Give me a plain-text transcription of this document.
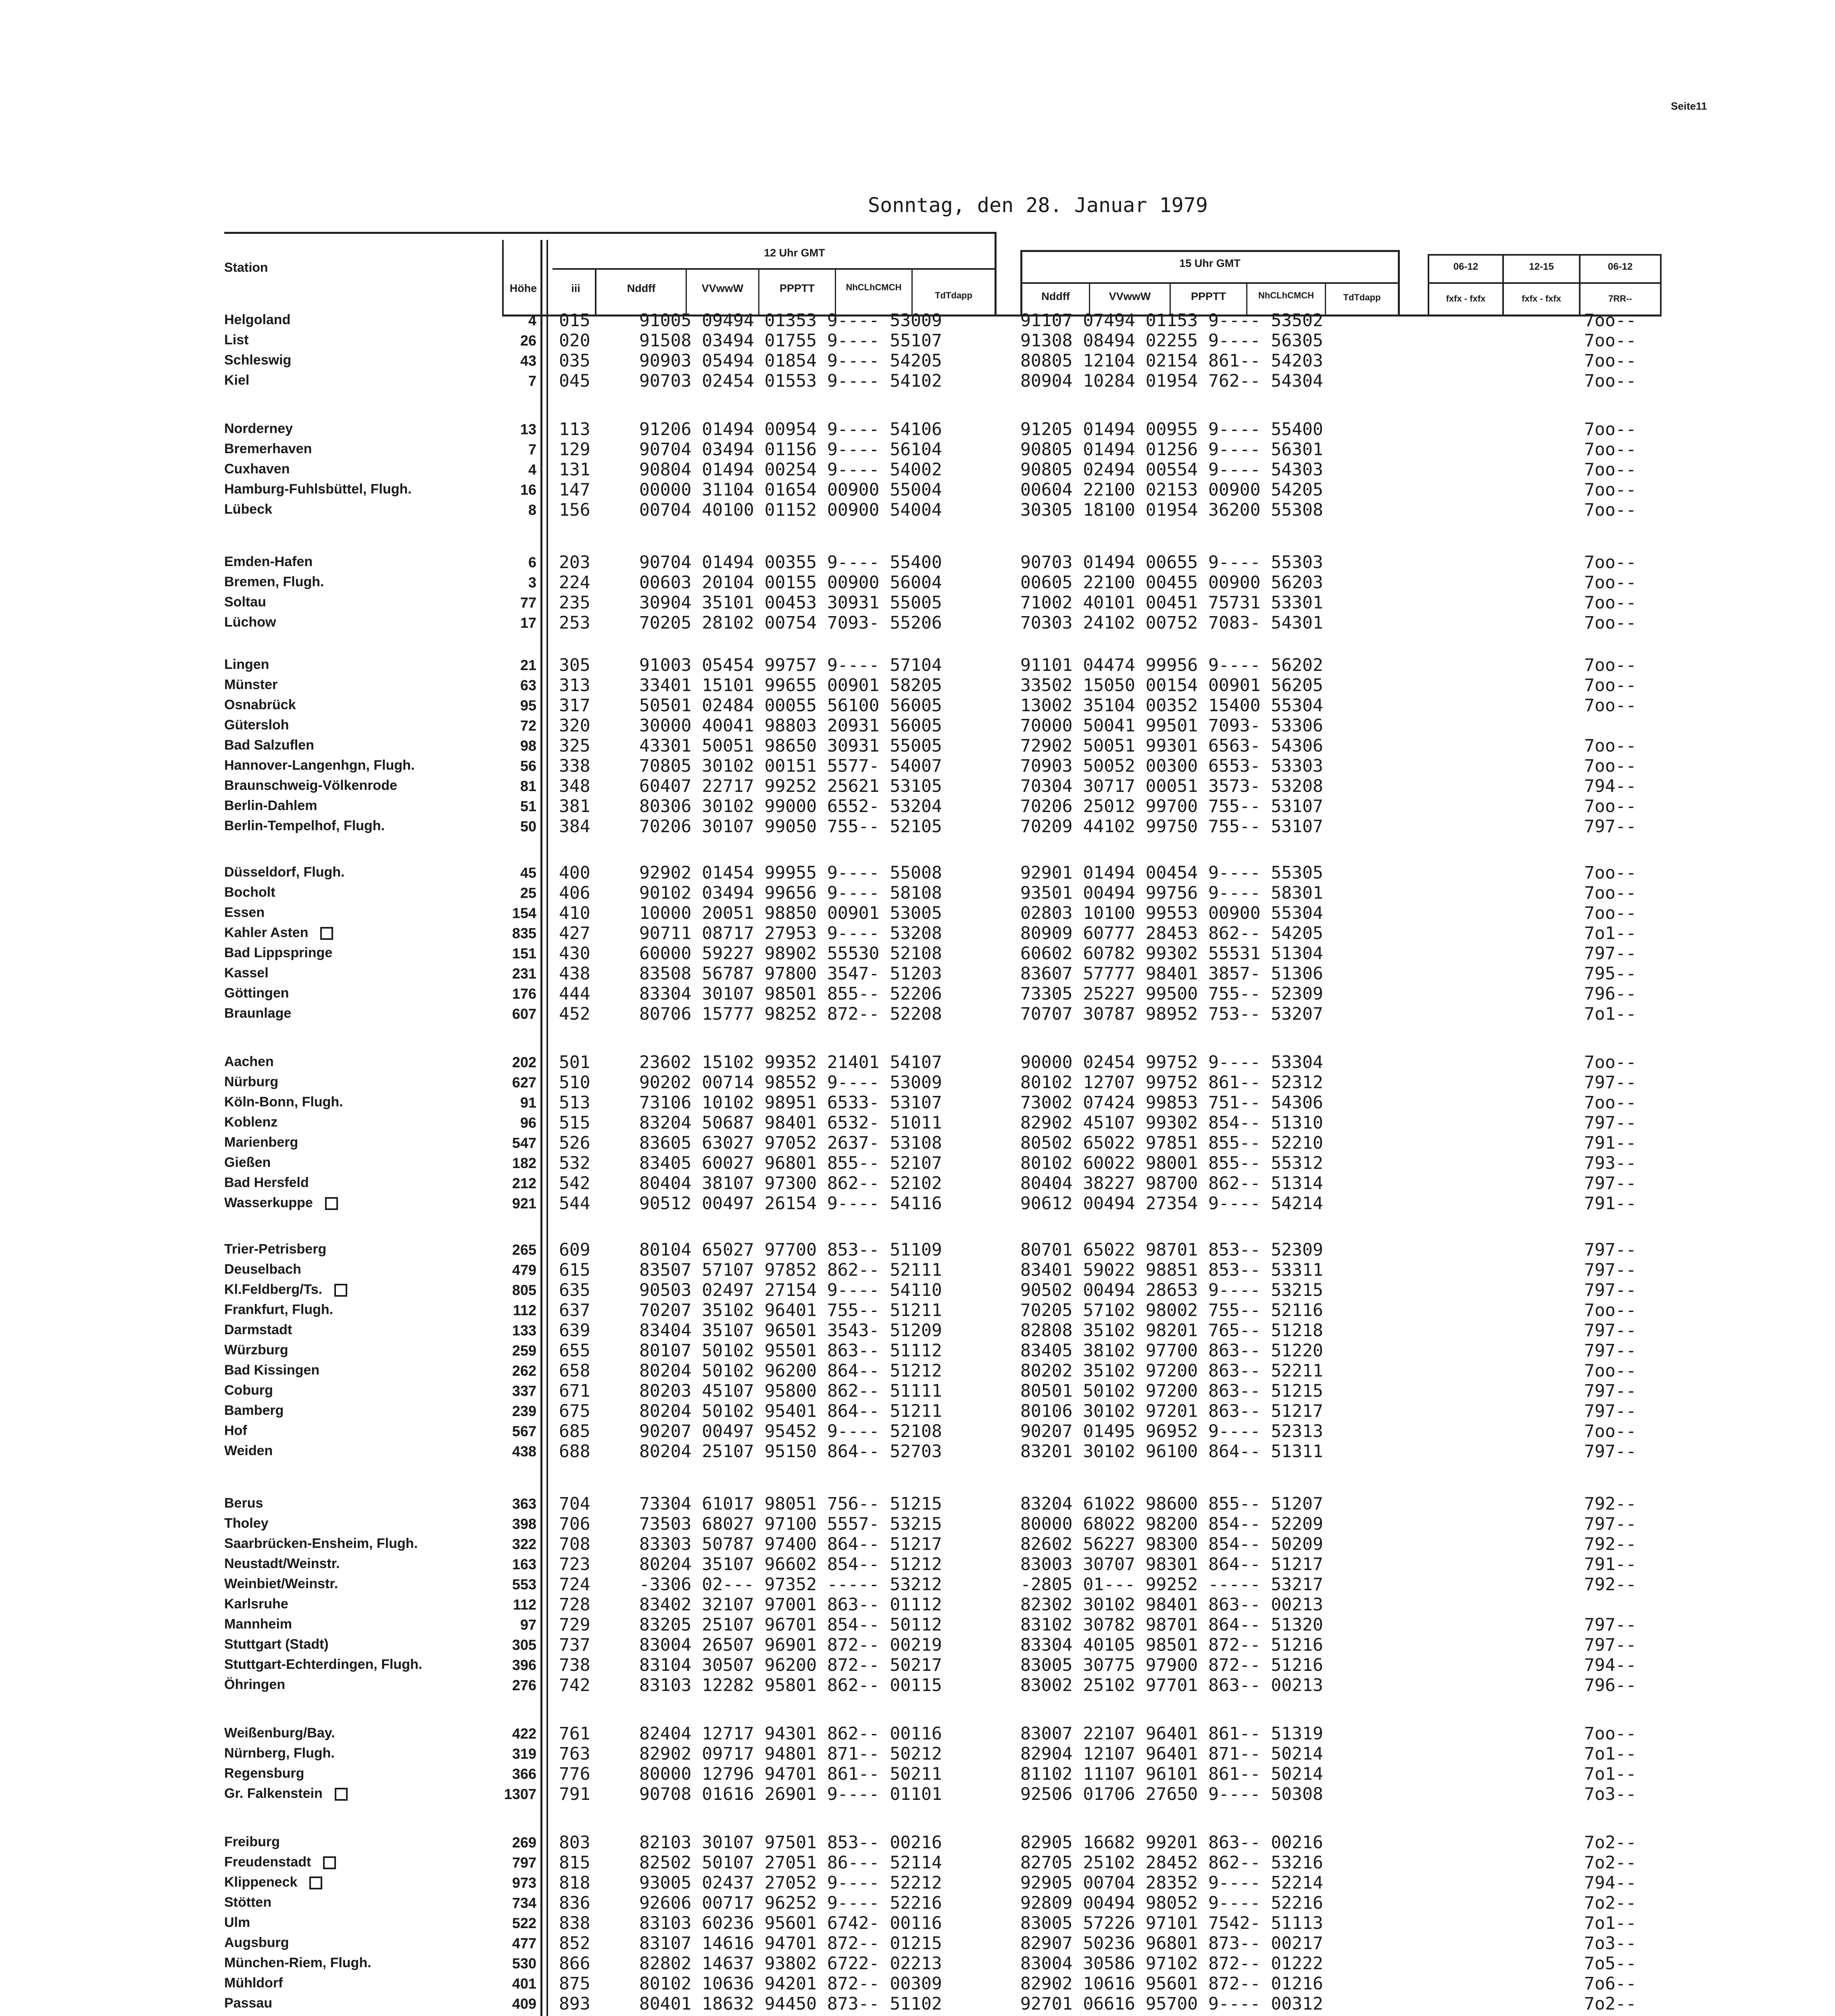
Seite11
Sonntag, den 28. Januar 1979
Station
Höhe	iii
12 Uhr GMT
15 Uhr GMT
Nddff	VVwwW	PPPTT	NhCLhCMCH
TdTdapp	Nddff	VVwwW	PPPTT	NhCLhCMCH	TdTdapp
06-12	12-15	06-12
fxfx - fxfx	fxfx - fxfx	7RR--
Helgoland	4 015	91005 09494 01353 9---- 53009	91107 07494 01153 9---- 53502	7oo--
List	26 020	91508 03494 01755 9---- 55107	91308 08494 02255 9---- 56305	7oo--
Schleswig	43 035	90903 05494 01854 9---- 54205	80805 12104 02154 861-- 54203	7oo--
Kiel	7 045	90703 02454 01553 9---- 54102	80904 10284 01954 762-- 54304	7oo--
Norderney	13 113	91206 01494 00954 9---- 54106	91205 01494 00955 9---- 55400	7oo--
Bremerhaven	7 129	90704 03494 01156 9---- 56104	90805 01494 01256 9---- 56301	7oo--
Cuxhaven	4 131	90804 01494 00254 9---- 54002	90805 02494 00554 9---- 54303	7oo--
Hamburg-Fuhlsbüttel, Flugh.	16 147	00000 31104 01654 00900 55004	00604 22100 02153 00900 54205	7oo--
Lübeck	8 156	00704 40100 01152 00900 54004	30305 18100 01954 36200 55308	7oo--
Emden-Hafen	6 203	90704 01494 00355 9---- 55400	90703 01494 00655 9---- 55303	7oo--
Bremen, Flugh.	3 224	00603 20104 00155 00900 56004	00605 22100 00455 00900 56203	7oo--
Soltau	77 235	30904 35101 00453 30931 55005	71002 40101 00451 75731 53301	7oo--
Lüchow	17 253	70205 28102 00754 7093- 55206	70303 24102 00752 7083- 54301	7oo--
Lingen	21 305	91003 05454 99757 9---- 57104	91101 04474 99956 9---- 56202	7oo--
Münster	63 313	33401 15101 99655 00901 58205	33502 15050 00154 00901 56205	7oo--
Osnabrück	95 317	50501 02484 00055 56100 56005	13002 35104 00352 15400 55304	7oo--
Gütersloh	72 320	30000 40041 98803 20931 56005	70000 50041 99501 7093- 53306
Bad Salzuflen	98 325	43301 50051 98650 30931 55005	72902 50051 99301 6563- 54306	7oo--
Hannover-Langenhgn, Flugh.	56 338	70805 30102 00151 5577- 54007	70903 50052 00300 6553- 53303	7oo--
Braunschweig-Völkenrode	81 348	60407 22717 99252 25621 53105	70304 30717 00051 3573- 53208	794--
Berlin-Dahlem	51 381	80306 30102 99000 6552- 53204	70206 25012 99700 755-- 53107	7oo--
Berlin-Tempelhof, Flugh.	50 384	70206 30107 99050 755-- 52105	70209 44102 99750 755-- 53107	797--
Düsseldorf, Flugh.	45 400	92902 01454 99955 9---- 55008	92901 01494 00454 9---- 55305	7oo--
Bocholt	25 406	90102 03494 99656 9---- 58108	93501 00494 99756 9---- 58301	7oo--
Essen	154 410	10000 20051 98850 00901 53005	02803 10100 99553 00900 55304	7oo--
Kahler Asten	835 427	90711 08717 27953 9---- 53208	80909 60777 28453 862-- 54205	7o1--
Bad Lippspringe	151 430	60000 59227 98902 55530 52108	60602 60782 99302 55531 51304	797--
Kassel	231 438	83508 56787 97800 3547- 51203	83607 57777 98401 3857- 51306	795--
Göttingen	176 444	83304 30107 98501 855-- 52206	73305 25227 99500 755-- 52309	796--
Braunlage	607 452	80706 15777 98252 872-- 52208	70707 30787 98952 753-- 53207	7o1--
Aachen	202 501	23602 15102 99352 21401 54107	90000 02454 99752 9---- 53304	7oo--
Nürburg	627 510	90202 00714 98552 9---- 53009	80102 12707 99752 861-- 52312	797--
Köln-Bonn, Flugh.	91 513	73106 10102 98951 6533- 53107	73002 07424 99853 751-- 54306	7oo--
Koblenz	96 515	83204 50687 98401 6532- 51011	82902 45107 99302 854-- 51310	797--
Marienberg	547 526	83605 63027 97052 2637- 53108	80502 65022 97851 855-- 52210	791--
Gießen	182 532	83405 60027 96801 855-- 52107	80102 60022 98001 855-- 55312	793--
Bad Hersfeld	212 542	80404 38107 97300 862-- 52102	80404 38227 98700 862-- 51314	797--
Wasserkuppe	921 544	90512 00497 26154 9---- 54116	90612 00494 27354 9---- 54214	791--
Trier-Petrisberg	265 609	80104 65027 97700 853-- 51109	80701 65022 98701 853-- 52309	797--
Deuselbach	479 615	83507 57107 97852 862-- 52111	83401 59022 98851 853-- 53311	797--
Kl.Feldberg/Ts.	805 635	90503 02497 27154 9---- 54110	90502 00494 28653 9---- 53215	797--
Frankfurt, Flugh.	112 637	70207 35102 96401 755-- 51211	70205 57102 98002 755-- 52116	7oo--
Darmstadt	133 639	83404 35107 96501 3543- 51209	82808 35102 98201 765-- 51218	797--
Würzburg	259 655	80107 50102 95501 863-- 51112	83405 38102 97700 863-- 51220	797--
Bad Kissingen	262 658	80204 50102 96200 864-- 51212	80202 35102 97200 863-- 52211	7oo--
Coburg	337 671	80203 45107 95800 862-- 51111	80501 50102 97200 863-- 51215	797--
Bamberg	239 675	80204 50102 95401 864-- 51211	80106 30102 97201 863-- 51217	797--
Hof	567 685	90207 00497 95452 9---- 52108	90207 01495 96952 9---- 52313	7oo--
Weiden	438 688	80204 25107 95150 864-- 52703	83201 30102 96100 864-- 51311	797--
Berus	363 704	73304 61017 98051 756-- 51215	83204 61022 98600 855-- 51207	792--
Tholey	398 706	73503 68027 97100 5557- 53215	80000 68022 98200 854-- 52209	797--
Saarbrücken-Ensheim, Flugh.	322 708	83303 50787 97400 864-- 51217	82602 56227 98300 854-- 50209	792--
Neustadt/Weinstr.	163 723	80204 35107 96602 854-- 51212	83003 30707 98301 864-- 51217	791--
Weinbiet/Weinstr.	553 724	-3306 02--- 97352 ----- 53212	-2805 01--- 99252 ----- 53217	792--
Karlsruhe	112 728	83402 32107 97001 863-- 01112	82302 30102 98401 863-- 00213
Mannheim	97 729	83205 25107 96701 854-- 50112	83102 30782 98701 864-- 51320	797--
Stuttgart (Stadt)	305 737	83004 26507 96901 872-- 00219	83304 40105 98501 872-- 51216	797--
Stuttgart-Echterdingen, Flugh.	396 738	83104 30507 96200 872-- 50217	83005 30775 97900 872-- 51216	794--
Öhringen	276 742	83103 12282 95801 862-- 00115	83002 25102 97701 863-- 00213	796--
Weißenburg/Bay.	422 761	82404 12717 94301 862-- 00116	83007 22107 96401 861-- 51319	7oo--
Nürnberg, Flugh.	319 763	82902 09717 94801 871-- 50212	82904 12107 96401 871-- 50214	7o1--
Regensburg	366 776	80000 12796 94701 861-- 50211	81102 11107 96101 861-- 50214	7o1--
Gr. Falkenstein	1307 791	90708 01616 26901 9---- 01101	92506 01706 27650 9---- 50308	7o3--
Freiburg	269 803	82103 30107 97501 853-- 00216	82905 16682 99201 863-- 00216	7o2--
Freudenstadt	797 815	82502 50107 27051 86--- 52114	82705 25102 28452 862-- 53216	7o2--
Klippeneck	973 818	93005 02437 27052 9---- 52212	92905 00704 28352 9---- 52214	794--
Stötten	734 836	92606 00717 96252 9---- 52216	92809 00494 98052 9---- 52216	7o2--
Ulm	522 838	83103 60236 95601 6742- 00116	83005 57226 97101 7542- 51113	7o1--
Augsburg	477 852	83107 14616 94701 872-- 01215	82907 50236 96801 873-- 00217	7o3--
München-Riem, Flugh.	530 866	82802 14637 93802 6722- 02213	83004 30586 97102 872-- 01222	7o5--
Mühldorf	401 875	80102 10636 94201 872-- 00309	82902 10616 95601 872-- 01216	7o6--
Passau	409 893	80401 18632 94450 873-- 51102	92701 06616 95700 9---- 00312	7o2--
